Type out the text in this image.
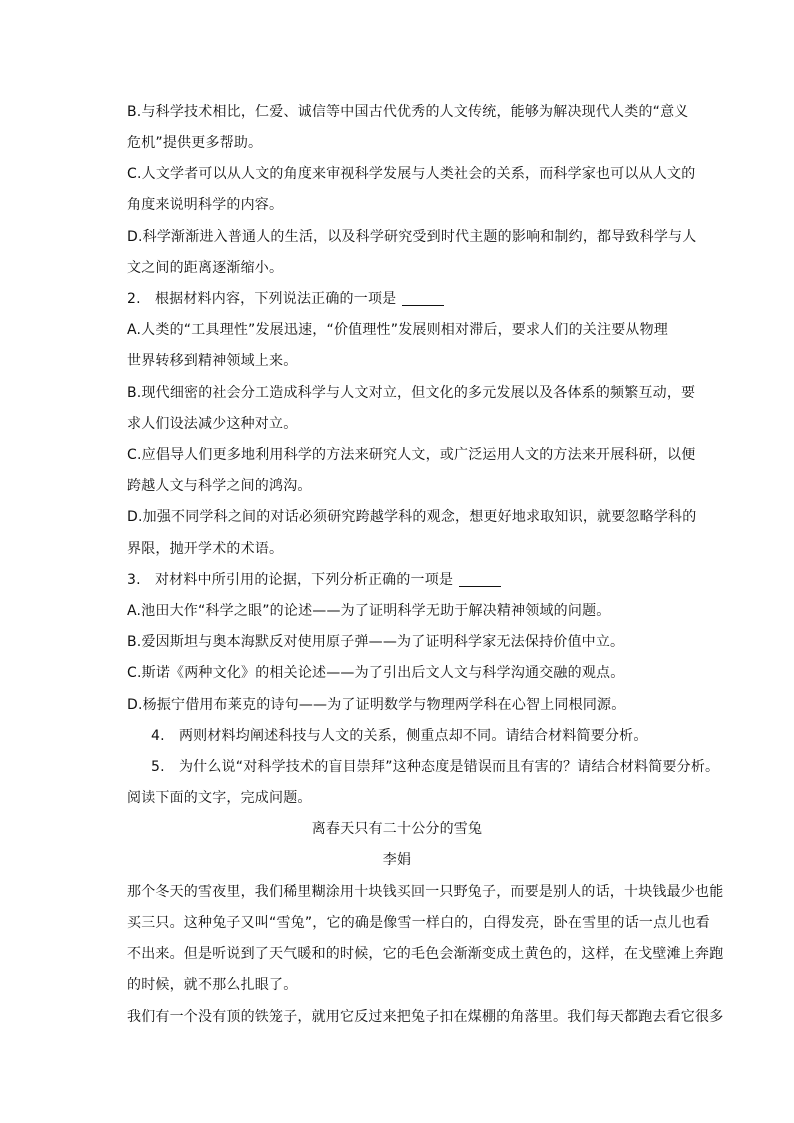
B.与科学技术相比，仁爱、诚信等中国古代优秀的人文传统，能够为解决现代人类的“意义
危机”提供更多帮助。
C.人文学者可以从人文的角度来审视科学发展与人类社会的关系，而科学家也可以从人文的
角度来说明科学的内容。
D.科学渐渐进入普通人的生活，以及科学研究受到时代主题的影响和制约，都导致科学与人
文之间的距离逐渐缩小。
2.　根据材料内容，下列说法正确的一项是
A.人类的“工具理性”发展迅速，“价值理性”发展则相对滞后，要求人们的关注要从物理
世界转移到精神领域上来。
B.现代细密的社会分工造成科学与人文对立，但文化的多元发展以及各体系的频繁互动，要
求人们设法减少这种对立。
C.应倡导人们更多地利用科学的方法来研究人文，或广泛运用人文的方法来开展科研，以便
跨越人文与科学之间的鸿沟。
D.加强不同学科之间的对话必须研究跨越学科的观念，想更好地求取知识，就要忽略学科的
界限，抛开学术的术语。
3.　对材料中所引用的论据，下列分析正确的一项是
A.池田大作“科学之眼”的论述——为了证明科学无助于解决精神领域的问题。
B.爱因斯坦与奥本海默反对使用原子弹——为了证明科学家无法保持价值中立。
C.斯诺《两种文化》的相关论述——为了引出后文人文与科学沟通交融的观点。
D.杨振宁借用布莱克的诗句——为了证明数学与物理两学科在心智上同根同源。
4.　两则材料均阐述科技与人文的关系，侧重点却不同。请结合材料简要分析。
5.　为什么说“对科学技术的盲目崇拜”这种态度是错误而且有害的？请结合材料简要分析。
阅读下面的文字，完成问题。
离春天只有二十公分的雪兔
李娟
那个冬天的雪夜里，我们稀里糊涂用十块钱买回一只野兔子，而要是别人的话，十块钱最少也能
买三只。这种兔子又叫“雪兔”，它的确是像雪一样白的，白得发亮，卧在雪里的话一点儿也看
不出来。但是听说到了天气暖和的时候，它的毛色会渐渐变成土黄色的，这样，在戈壁滩上奔跑
的时候，就不那么扎眼了。
我们有一个没有顶的铁笼子，就用它反过来把兔子扣在煤棚的角落里。我们每天都跑去看它很多
